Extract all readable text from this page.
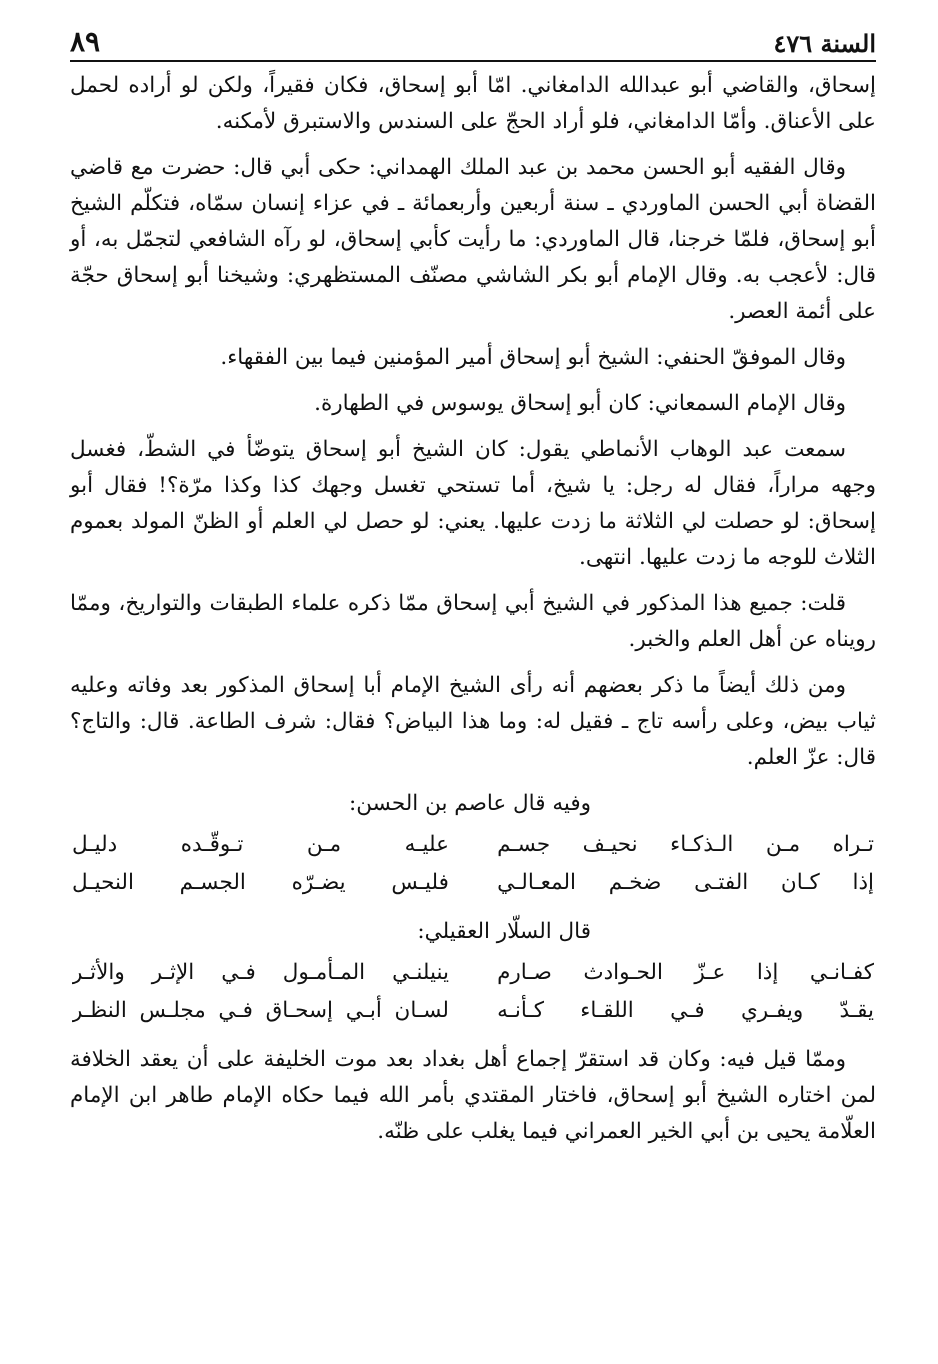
السنة ٤٧٦
٨٩

إسحاق، والقاضي أبو عبدالله الدامغاني. امّا أبو إسحاق، فكان فقيراً، ولكن لو أراده لحمل على الأعناق. وأمّا الدامغاني، فلو أراد الحجّ على السندس والاستبرق لأمكنه.

وقال الفقيه أبو الحسن محمد بن عبد الملك الهمداني: حكى أبي قال: حضرت مع قاضي القضاة أبي الحسن الماوردي ـ سنة أربعين وأربعمائة ـ في عزاء إنسان سمّاه، فتكلّم الشيخ أبو إسحاق، فلمّا خرجنا، قال الماوردي: ما رأيت كأبي إسحاق، لو رآه الشافعي لتجمّل به، أو قال: لأعجب به. وقال الإمام أبو بكر الشاشي مصنّف المستظهري: وشيخنا أبو إسحاق حجّة على أئمة العصر.

وقال الموفقّ الحنفي: الشيخ أبو إسحاق أمير المؤمنين فيما بين الفقهاء.

وقال الإمام السمعاني: كان أبو إسحاق يوسوس في الطهارة.

سمعت عبد الوهاب الأنماطي يقول: كان الشيخ أبو إسحاق يتوضّأ في الشطّ، فغسل وجهه مراراً، فقال له رجل: يا شيخ، أما تستحي تغسل وجهك كذا وكذا مرّة؟! فقال أبو إسحاق: لو حصلت لي الثلاثة ما زدت عليها. يعني: لو حصل لي العلم أو الظنّ المولد بعموم الثلاث للوجه ما زدت عليها. انتهى.

قلت: جميع هذا المذكور في الشيخ أبي إسحاق ممّا ذكره علماء الطبقات والتواريخ، وممّا رويناه عن أهل العلم والخبر.

ومن ذلك أيضاً ما ذكر بعضهم أنه رأى الشيخ الإمام أبا إسحاق المذكور بعد وفاته وعليه ثياب بيض، وعلى رأسه تاج ـ فقيل له: وما هذا البياض؟ فقال: شرف الطاعة. قال: والتاج؟ قال: عزّ العلم.

وفيه قال عاصم بن الحسن:
تـراه مـن الـذكـاء نحيـف جسـم
عليـه مـن تـوقّـده دليـل
إذا كـان الفتـى ضخـم المعـالـي
فليـس يضـرّه الجسـم النحيـل
قال السلّار العقيلي:
كفـانـي إذا عـزّ الحـوادث صـارم
ينيلنـي المـأمـول فـي الإثـر والأثـر
يقـدّ ويفـري فـي اللقـاء كـأنـه
لسـان أبـي إسحـاق فـي مجلـس النظـر

وممّا قيل فيه: وكان قد استقرّ إجماع أهل بغداد بعد موت الخليفة على أن يعقد الخلافة لمن اختاره الشيخ أبو إسحاق، فاختار المقتدي بأمر الله فيما حكاه الإمام طاهر ابن الإمام العلّامة يحيى بن أبي الخير العمراني فيما يغلب على ظنّه.
